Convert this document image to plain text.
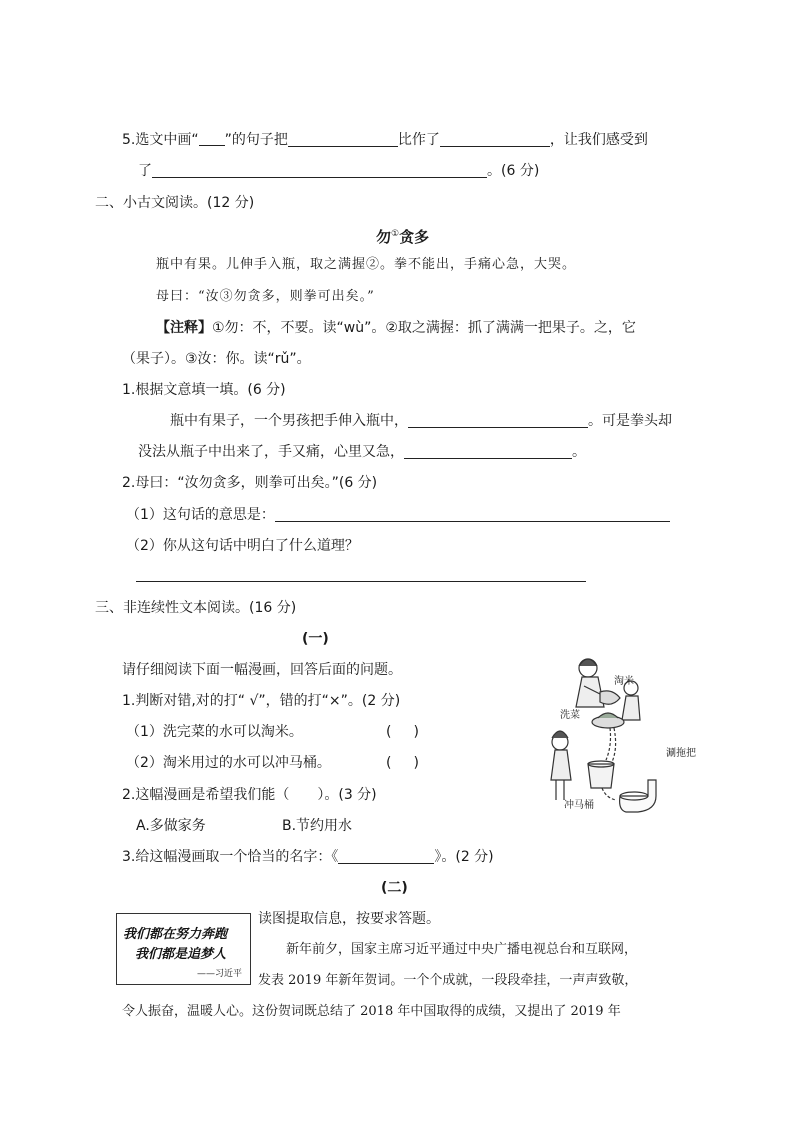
5.选文中画“ ”的句子把	比作了	，让我们感受到
了	。(6 分)
二、小古文阅读。(12 分)
勿①贪多
瓶中有果。儿伸手入瓶，取之满握②。拳不能出，手痛心急，大哭。
母曰：“汝③勿贪多，则拳可出矣。”
【注释】①勿：不，不要。读“wù”。②取之满握：抓了满满一把果子。之，它
（果子）。③汝：你。读“rǔ”。
1.根据文意填一填。(6 分)
瓶中有果子，一个男孩把手伸入瓶中，	。可是拳头却
没法从瓶子中出来了，手又痛，心里又急，	。
2.母曰：“汝勿贪多，则拳可出矣。”(6 分)
（1）这句话的意思是：
（2）你从这句话中明白了什么道理？
三、非连续性文本阅读。(16 分)
(一)
请仔细阅读下面一幅漫画，回答后面的问题。
1.判断对错,对的打“ √”，错的打“×”。(2 分)
（1）洗完菜的水可以淘米。	( )
（2）淘米用过的水可以冲马桶。	( )
2.这幅漫画是希望我们能（　　）。(3 分)
A.多做家务	B.节约用水
3.给这幅漫画取一个恰当的名字：《	》。(2 分)
淘米
洗菜
涮拖把
冲马桶
(二)
我们都在努力奔跑
我们都是追梦人
——习近平
读图提取信息，按要求答题。
新年前夕，国家主席习近平通过中央广播电视总台和互联网，
发表 2019 年新年贺词。一个个成就，一段段牵挂，一声声致敬，
令人振奋，温暖人心。这份贺词既总结了 2018 年中国取得的成绩，又提出了 2019 年
